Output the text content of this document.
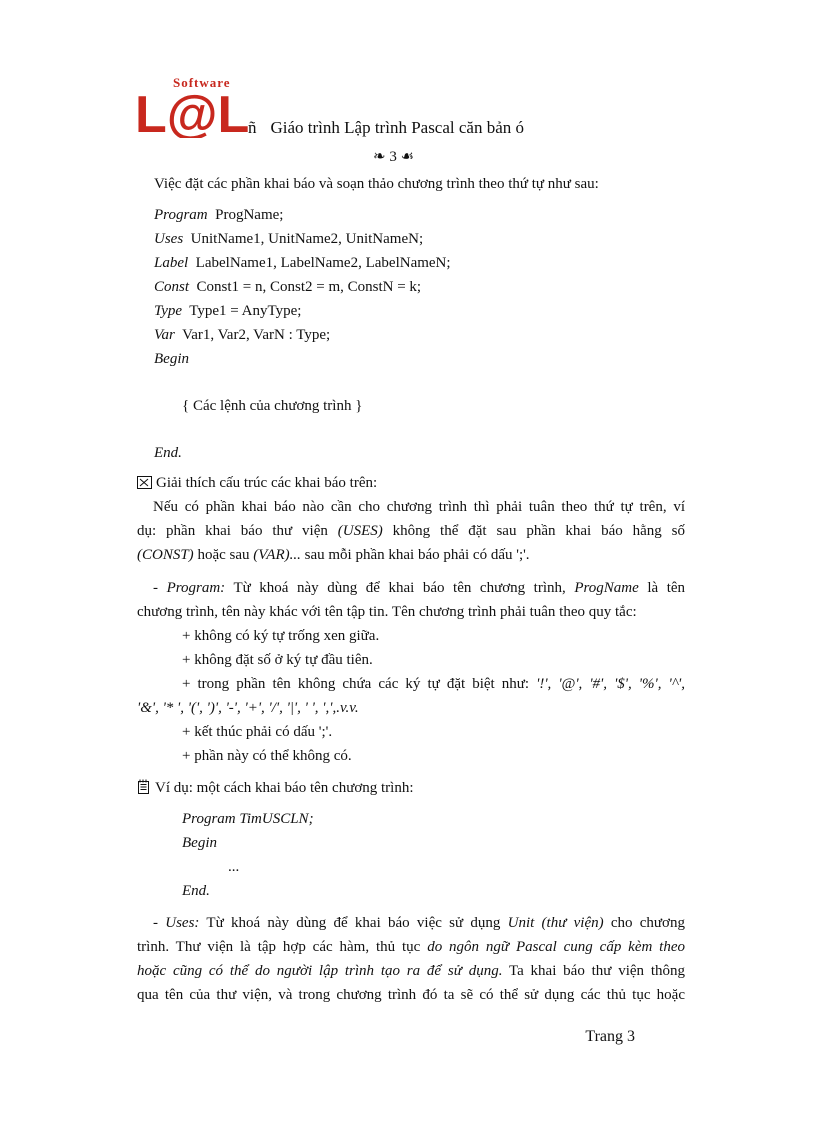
Software
L@L
ñ Giáo trình Lập trình Pascal căn bản ó
❧ 3 ☙
Việc đặt các phần khai báo và soạn thảo chương trình theo thứ tự như sau:
Program ProgName;
Uses UnitName1, UnitName2, UnitNameN;
Label LabelName1, LabelName2, LabelNameN;
Const Const1 = n, Const2 = m, ConstN = k;
Type Type1 = AnyType;
Var Var1, Var2, VarN : Type;
Begin
{ Các lệnh của chương trình }
End.
Giải thích cấu trúc các khai báo trên:
Nếu có phần khai báo nào cần cho chương trình thì phải tuân theo thứ tự trên, ví
dụ: phần khai báo thư viện (USES) không thể đặt sau phần khai báo hằng số
(CONST) hoặc sau (VAR)... sau mỗi phần khai báo phải có dấu ';'.
- Program: Từ khoá này dùng để khai báo tên chương trình, ProgName là tên
chương trình, tên này khác với tên tập tin. Tên chương trình phải tuân theo quy tắc:
+ không có ký tự trống xen giữa.
+ không đặt số ở ký tự đầu tiên.
+ trong phần tên không chứa các ký tự đặt biệt như: '!', '@', '#', '$', '%', '^',
'&', '* ', '(', ')', '-', '+', '/', '|', ' ', ',',.v.v.
+ kết thúc phải có dấu ';'.
+ phần này có thể không có.
Ví dụ: một cách khai báo tên chương trình:
Program TimUSCLN;
Begin
...
End.
- Uses: Từ khoá này dùng để khai báo việc sử dụng Unit (thư viện) cho chương
trình. Thư viện là tập hợp các hàm, thủ tục do ngôn ngữ Pascal cung cấp kèm theo
hoặc cũng có thể do người lập trình tạo ra để sử dụng. Ta khai báo thư viện thông
qua tên của thư viện, và trong chương trình đó ta sẽ có thể sử dụng các thủ tục hoặc
Trang 3
